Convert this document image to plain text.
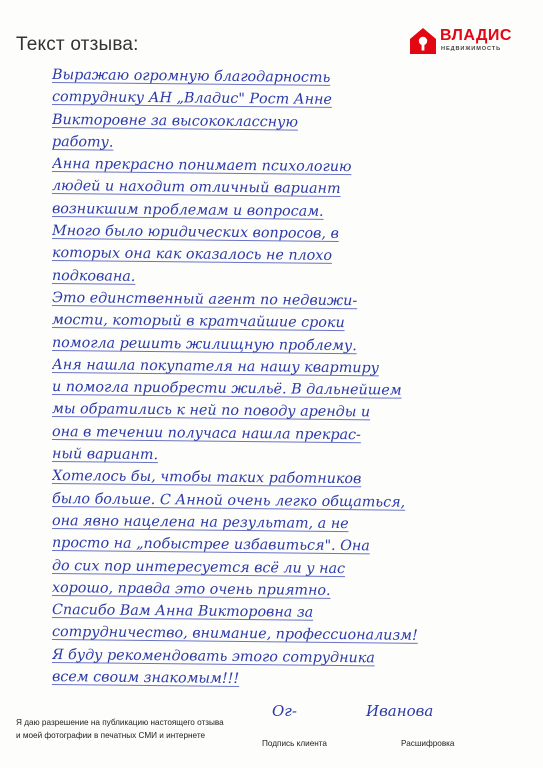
Текст отзыва:	ВЛАДИС
НЕДВИЖИМОСТЬ
Выражаю огромную благодарность
сотруднику АН „Владис" Рост Анне
Викторовне за высококлассную
работу.
Анна прекрасно понимает психологию
людей и находит отличный вариант
возникшим проблемам и вопросам.
Много было юридических вопросов, в
которых она как оказалось не плохо
подкована.
Это единственный агент по недвижи-
мости, который в кратчайшие сроки
помогла решить жилищную проблему.
Аня нашла покупателя на нашу квартиру
и помогла приобрести жильё. В дальнейшем
мы обратились к ней по поводу аренды и
она в течении получаса нашла прекрас-
ный вариант.
Хотелось бы, чтобы таких работников
было больше. С Анной очень легко общаться,
она явно нацелена на результат, а не
просто на „побыстрее избавиться". Она
до сих пор интересуется всё ли у нас
хорошо, правда это очень приятно.
Спасибо Вам Анна Викторовна за
сотрудничество, внимание, профессионализм!
Я буду рекомендовать этого сотрудника
всем своим знакомым!!!
Я даю разрешение на публикацию настоящего отзыва
и моей фотографии в печатных СМИ и интернете
Ог-	Иванова
Подпись клиента	Расшифровка
